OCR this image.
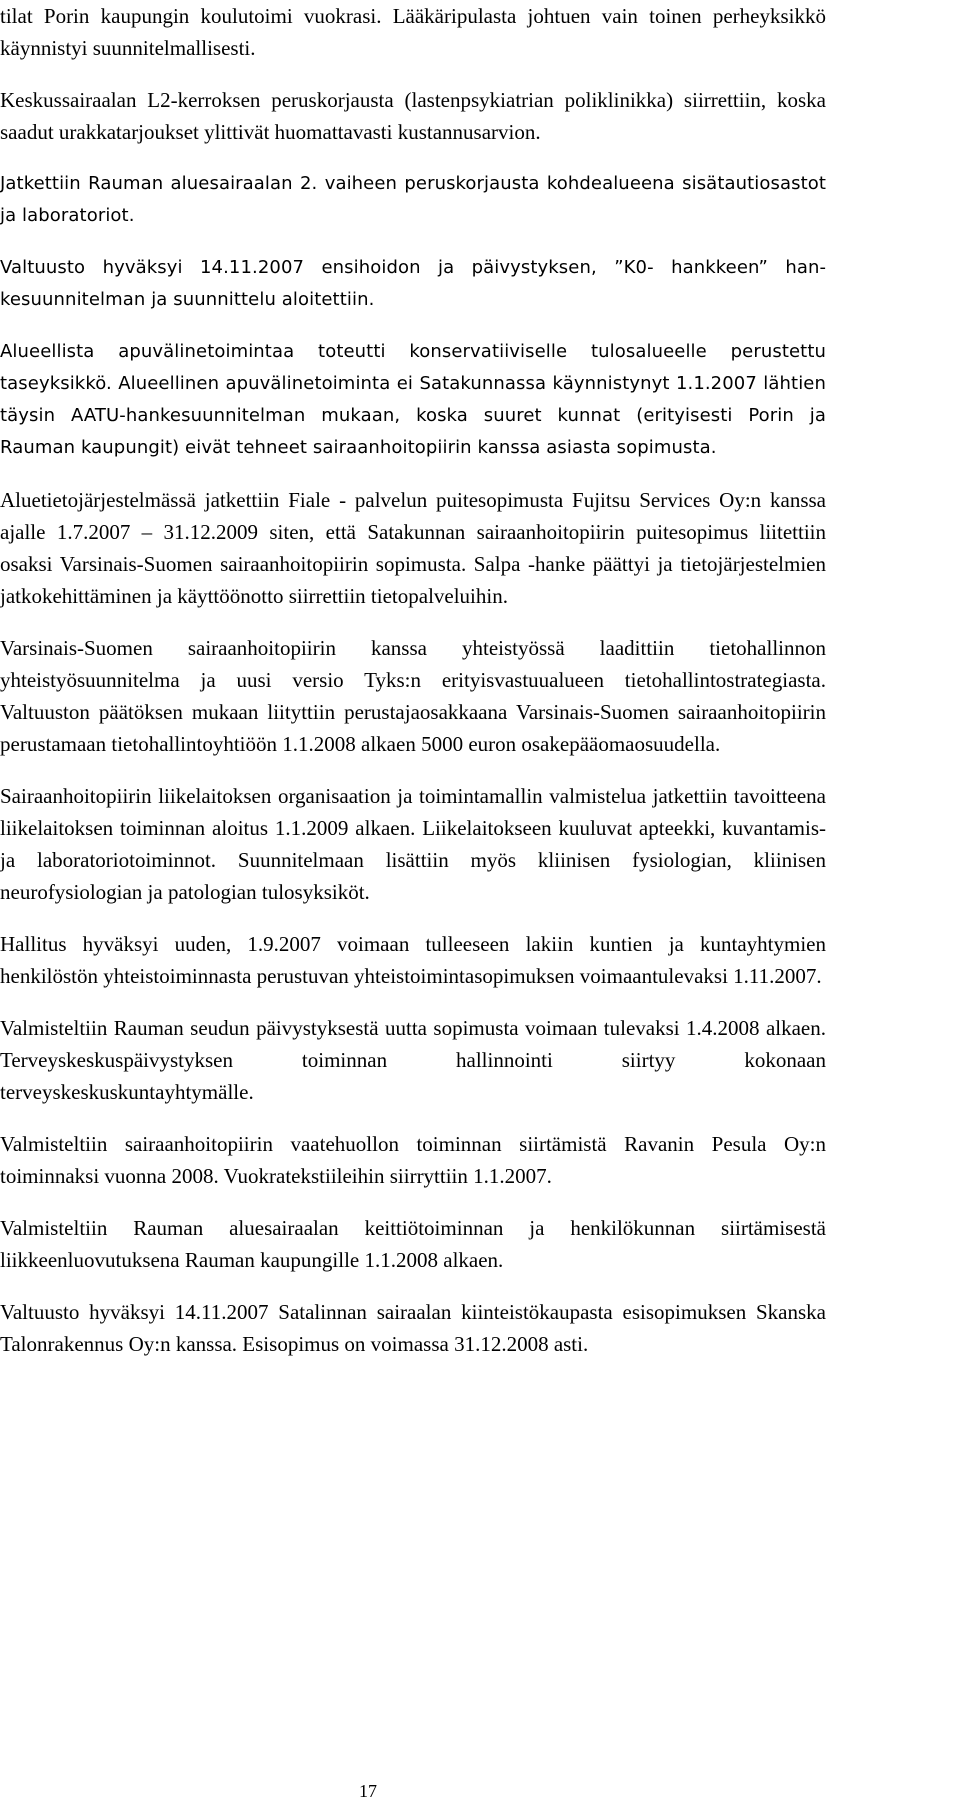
tilat Porin kaupungin koulutoimi vuokrasi. Lääkäripulasta johtuen vain toinen perheyksikkö käynnistyi suunnitelmallisesti.

Keskussairaalan L2-kerroksen peruskorjausta (lastenpsykiatrian poliklinikka) siirrettiin, koska saadut urakkatarjoukset ylittivät huomattavasti kustannusarvion.

Jatkettiin Rauman aluesairaalan 2. vaiheen peruskorjausta kohdealueena sisätautiosastot ja laboratoriot.

Valtuusto hyväksyi 14.11.2007 ensihoidon ja päivystyksen, ”K0- hankkeen” hankesuunnitelman ja suunnittelu aloitettiin.

Alueellista apuvälinetoimintaa toteutti konservatiiviselle tulosalueelle perustettu taseyksikkö. Alueellinen apuvälinetoiminta ei Satakunnassa käynnistynyt 1.1.2007 lähtien täysin AATU-hankesuunnitelman mukaan, koska suuret kunnat (erityisesti Porin ja Rauman kaupungit) eivät tehneet sairaanhoitopiirin kanssa asiasta sopimusta.

Aluetietojärjestelmässä jatkettiin Fiale - palvelun puitesopimusta Fujitsu Services Oy:n kanssa ajalle 1.7.2007 – 31.12.2009 siten, että Satakunnan sairaanhoitopiirin puitesopimus liitettiin osaksi Varsinais-Suomen sairaanhoitopiirin sopimusta. Salpa -hanke päättyi ja tietojärjestelmien jatkokehittäminen ja käyttöönotto siirrettiin tietopalveluihin.

Varsinais-Suomen sairaanhoitopiirin kanssa yhteistyössä laadittiin tietohallinnon yhteistyösuunnitelma ja uusi versio Tyks:n erityisvastuualueen tietohallintostrategiasta. Valtuuston päätöksen mukaan liityttiin perustajaosakkaana Varsinais-Suomen sairaanhoitopiirin perustamaan tietohallintoyhtiöön 1.1.2008 alkaen 5000 euron osakepääomaosuudella.

Sairaanhoitopiirin liikelaitoksen organisaation ja toimintamallin valmistelua jatkettiin tavoitteena liikelaitoksen toiminnan aloitus 1.1.2009 alkaen. Liikelaitokseen kuuluvat apteekki, kuvantamis- ja laboratoriotoiminnot. Suunnitelmaan lisättiin myös kliinisen fysiologian, kliinisen neurofysiologian ja patologian tulosyksiköt.

Hallitus hyväksyi uuden, 1.9.2007 voimaan tulleeseen lakiin kuntien ja kuntayhtymien henkilöstön yhteistoiminnasta perustuvan yhteistoimintasopimuksen voimaantulevaksi 1.11.2007.

Valmisteltiin Rauman seudun päivystyksestä uutta sopimusta voimaan tulevaksi 1.4.2008 alkaen. Terveyskeskuspäivystyksen toiminnan hallinnointi siirtyy kokonaan terveyskeskuskuntayhtymälle.

Valmisteltiin sairaanhoitopiirin vaatehuollon toiminnan siirtämistä Ravanin Pesula Oy:n toiminnaksi vuonna 2008. Vuokratekstiileihin siirryttiin 1.1.2007.

Valmisteltiin Rauman aluesairaalan keittiötoiminnan ja henkilökunnan siirtämisestä liikkeenluovutuksena Rauman kaupungille 1.1.2008 alkaen.

Valtuusto hyväksyi 14.11.2007 Satalinnan sairaalan kiinteistökaupasta esisopimuksen Skanska Talonrakennus Oy:n kanssa. Esisopimus on voimassa 31.12.2008 asti.

17
